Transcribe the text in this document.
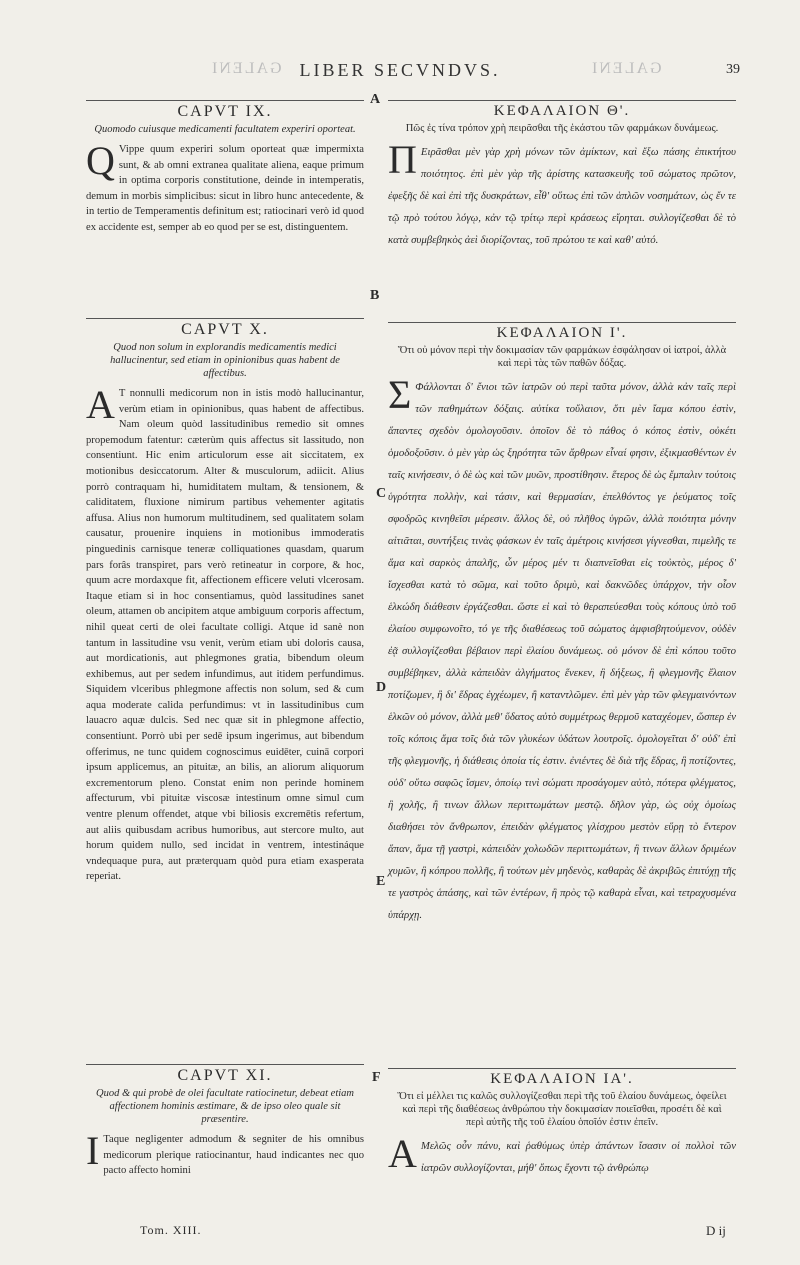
GALENI LIBER SECVNDVS.	GALENI	39
A
B
C
D
E
F
CAPVT IX.
Quomodo cuiusque medicamenti facultatem experiri oporteat.

Q Vippe quum experiri solum oporteat quæ impermixta sunt, & ab omni extranea qualitate aliena, eaque primum in optima corporis constitutione, deinde in intemperatis, demum in morbis simplicibus: sicut in libro hunc antecedente, & in tertio de Temperamentis definitum est; ratiocinari verò id quod ex accidente est, semper ab eo quod per se est, distinguentem.

CAPVT X.
Quod non solum in explorandis medicamentis medici hallucinentur, sed etiam in opinionibus quas habent de affectibus.

A T nonnulli medicorum non in istis modò hallucinantur, verùm etiam in opinionibus, quas habent de affectibus. Nam oleum quòd lassitudinibus remedio sit omnes propemodum fatentur: cæterùm quis affectus sit lassitudo, non consentiunt. Hic enim articulorum esse ait siccitatem, ex motionibus desiccatorum. Alter & musculorum, adiicit. Alius porrò contraquam hi, humiditatem multam, & tensionem, & caliditatem, fluxione nimirum partibus vehementer agitatis affusa. Alius non humorum multitudinem, sed qualitatem solam causatur, prouenire inquiens in motionibus immoderatis pinguedinis carnisque teneræ colliquationes quasdam, quarum pars forâs transpiret, pars verò retineatur in corpore, & hoc, quum acre mordaxque fit, affectionem efficere veluti vlcerosam. Itaque etiam si in hoc consentiamus, quòd lassitudines sanet oleum, attamen ob ancipitem atque ambiguum corporis affectum, nihil queat certi de olei facultate colligi. Atque id sanè non tantum in lassitudine vsu venit, verùm etiam ubi doloris causa, aut mordicationis, aut phlegmones gratia, bibendum oleum exhibemus, aut per sedem infundimus, aut itidem perfundimus. Siquidem vlceribus phlegmone affectis non solum, sed & cum aqua moderate calida perfundimus: vt in lassitudinibus cum lauacro aquæ dulcis. Sed nec quæ sit in phlegmone affectio, consentiunt. Porrò ubi per sedē ipsum ingerimus, aut bibendum offerimus, ne tunc quidem cognoscimus euidēter, cuinā corpori ipsum applicemus, an pituitæ, an bilis, an aliorum aliquorum excrementorum pleno. Constat enim non perinde hominem affecturum, vbi pituitæ viscosæ intestinum omne simul cum ventre plenum offendet, atque vbi biliosis excremētis refertum, aut aliis quibusdam acribus humoribus, aut stercore multo, aut horum quidem nullo, sed incidat in ventrem, intestináque vndequaque pura, aut præterquam quòd pura etiam exasperata reperiat.

CAPVT XI.
Quod & qui probè de olei facultate ratiocinetur, debeat etiam affectionem hominis æstimare, & de ipso oleo quale sit præsentire.

I Taque negligenter admodum & segniter de his omnibus medicorum plerique ratiocinantur, haud indicantes nec quo pacto affecto homini

Tom. XIII.
ΚΕΦΑΛΑΙΟΝ Θ'.
Πῶς ἐς τίνα τρόπον χρὴ πειρᾶσθαι τῆς ἑκάστου τῶν φαρμάκων δυνάμεως.

Π Ειρᾶσθαι μὲν γὰρ χρὴ μόνων τῶν ἀμίκτων, καὶ ἔξω πάσης ἐπικτήτου ποιότητος. ἐπὶ μὲν γὰρ τῆς ἀρίστης κατασκευῆς τοῦ σώματος πρῶτον, ἐφεξῆς δὲ καὶ ἐπὶ τῆς δυσκράτων, εἶθ' οὕτως ἐπὶ τῶν ἁπλῶν νοσημάτων, ὡς ἔν τε τῷ πρὸ τούτου λόγῳ, κἀν τῷ τρίτῳ περὶ κράσεως εἴρηται. συλλογίζεσθαι δὲ τὸ κατὰ συμβεβηκὸς ἀεὶ διορίζοντας, τοῦ πρώτου τε καὶ καθ' αὑτό.

ΚΕΦΑΛΑΙΟΝ Ι'.
Ὅτι οὐ μόνον περὶ τὴν δοκιμασίαν τῶν φαρμάκων ἐσφάλησαν οἱ ἰατροί, ἀλλὰ καὶ περὶ τὰς τῶν παθῶν δόξας.

Σ Φάλλονται δ' ἔνιοι τῶν ἰατρῶν οὐ περὶ ταῦτα μόνον, ἀλλὰ κἀν ταῖς περὶ τῶν παθημάτων δόξαις. αὐτίκα τοὔλαιον, ὅτι μὲν ἴαμα κόπου ἐστὶν, ἅπαντες σχεδὸν ὁμολογοῦσιν. ὁποῖον δὲ τὸ πάθος ὁ κόπος ἐστὶν, οὐκέτι ὁμοδοξοῦσιν. ὁ μὲν γὰρ ὡς ξηρότητα τῶν ἄρθρων εἶναί φησιν, ἐξικμασθέντων ἐν ταῖς κινήσεσιν, ὁ δὲ ὡς καὶ τῶν μυῶν, προστίθησιν. ἕτερος δὲ ὡς ἔμπαλιν τούτοις ὑγρότητα πολλὴν, καὶ τάσιν, καὶ θερμασίαν, ἐπελθόντος γε ῥεύματος τοῖς σφοδρῶς κινηθεῖσι μέρεσιν. ἄλλος δὲ, οὐ πλῆθος ὑγρῶν, ἀλλὰ ποιότητα μόνην αἰτιᾶται, συντήξεις τινὰς φάσκων ἐν ταῖς ἀμέτροις κινήσεσι γίγνεσθαι, πιμελῆς τε ἅμα καὶ σαρκὸς ἁπαλῆς, ὧν μέρος μέν τι διαπνεῖσθαι εἰς τοὐκτὸς, μέρος δ' ἴσχεσθαι κατὰ τὸ σῶμα, καὶ τοῦτο δριμὺ, καὶ δακνῶδες ὑπάρχον, τὴν οἷον ἑλκώδη διάθεσιν ἐργάζεσθαι. ὥστε εἰ καὶ τὸ θεραπεύεσθαι τοὺς κόπους ὑπὸ τοῦ ἐλαίου συμφωνοῖτο, τό γε τῆς διαθέσεως τοῦ σώματος ἀμφισβητούμενον, οὐδὲν ἐᾷ συλλογίζεσθαι βέβαιον περὶ ἐλαίου δυνάμεως. οὐ μόνον δὲ ἐπὶ κόπου τοῦτο συμβέβηκεν, ἀλλὰ κἀπειδὰν ἀλγήματος ἕνεκεν, ἢ δήξεως, ἢ φλεγμονῆς ἔλαιον ποτίζωμεν, ἢ δι' ἕδρας ἐγχέωμεν, ἢ καταντλῶμεν. ἐπὶ μὲν γὰρ τῶν φλεγμαινόντων ἑλκῶν οὐ μόνον, ἀλλὰ μεθ' ὕδατος αὐτὸ συμμέτρως θερμοῦ καταχέομεν, ὥσπερ ἐν τοῖς κόποις ἅμα τοῖς διὰ τῶν γλυκέων ὑδάτων λουτροῖς. ὁμολογεῖται δ' οὐδ' ἐπὶ τῆς φλεγμονῆς, ἡ διάθεσις ὁποία τίς ἐστιν. ἐνιέντες δὲ διὰ τῆς ἕδρας, ἢ ποτίζοντες, οὐδ' οὕτω σαφῶς ἴσμεν, ὁποίῳ τινὶ σώματι προσάγομεν αὐτὸ, πότερα φλέγματος, ἢ χολῆς, ἢ τινων ἄλλων περιττωμάτων μεστῷ. δῆλον γὰρ, ὡς οὐχ ὁμοίως διαθήσει τὸν ἄνθρωπον, ἐπειδὰν φλέγματος γλίσχρου μεστὸν εὕρῃ τὸ ἔντερον ἅπαν, ἅμα τῇ γαστρὶ, κἀπειδὰν χολωδῶν περιττωμάτων, ἢ τινων ἄλλων δριμέων χυμῶν, ἢ κόπρου πολλῆς, ἢ τούτων μὲν μηδενὸς, καθαρὰς δὲ ἀκριβῶς ἐπιτύχῃ τῆς τε γαστρὸς ἁπάσης, καὶ τῶν ἐντέρων, ἢ πρὸς τῷ καθαρὰ εἶναι, καὶ τετραχυσμένα ὑπάρχῃ.

ΚΕΦΑΛΑΙΟΝ ΙΑ'.
Ὅτι εἰ μέλλει τις καλῶς συλλογίζεσθαι περὶ τῆς τοῦ ἐλαίου δυνάμεως, ὀφείλει καὶ περὶ τῆς διαθέσεως ἀνθρώπου τὴν δοκιμασίαν ποιεῖσθαι, προσέτι δὲ καὶ περὶ αὐτῆς τῆς τοῦ ἐλαίου ὁποῖόν ἐστιν ἐπεῖν.

Α Μελῶς οὖν πάνυ, καὶ ῥαθύμως ὑπὲρ ἁπάντων ἴσασιν οἱ πολλοὶ τῶν ἰατρῶν συλλογίζονται, μήθ' ὅπως ἔχοντι τῷ ἀνθρώπῳ

D ij
